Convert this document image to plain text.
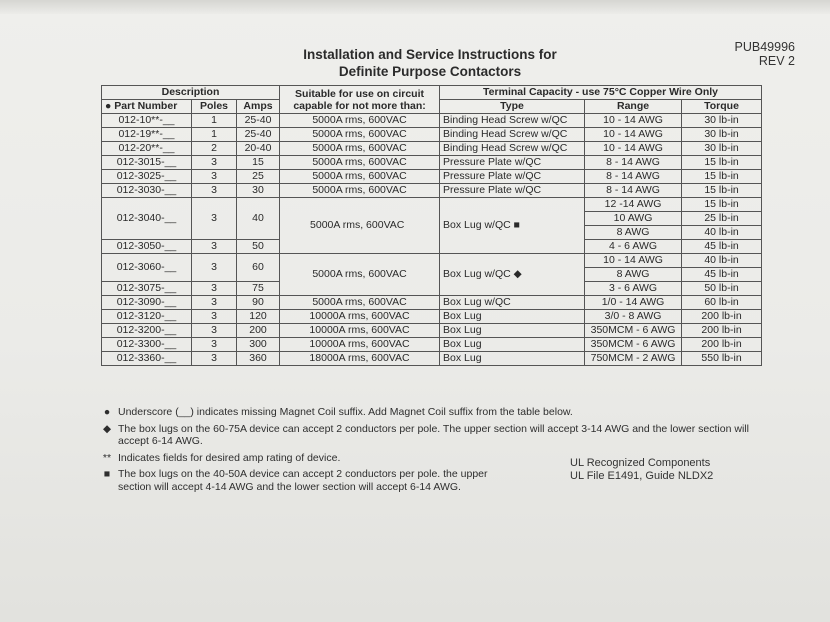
Installation and Service Instructions for
Definite Purpose Contactors
PUB49996
REV 2
Description			Suitable for use on circuit capable for not more than:	Terminal Capacity - use 75°C Copper Wire Only		
● Part Number	Poles	Amps		Type	Range	Torque
012-10**-__	1	25-40	5000A rms, 600VAC	Binding Head Screw w/QC	10 - 14 AWG	30 lb-in
012-19**-__	1	25-40	5000A rms, 600VAC	Binding Head Screw w/QC	10 - 14 AWG	30 lb-in
012-20**-__	2	20-40	5000A rms, 600VAC	Binding Head Screw w/QC	10 - 14 AWG	30 lb-in
012-3015-__	3	15	5000A rms, 600VAC	Pressure Plate w/QC	8 - 14 AWG	15 lb-in
012-3025-__	3	25	5000A rms, 600VAC	Pressure Plate w/QC	8 - 14 AWG	15 lb-in
012-3030-__	3	30	5000A rms, 600VAC	Pressure Plate w/QC	8 - 14 AWG	15 lb-in
012-3040-__	3	40	5000A rms, 600VAC	Box Lug w/QC ■	12 -14 AWG	15 lb-in
					10 AWG	25 lb-in
					8 AWG	40 lb-in
012-3050-__	3	50			4 - 6 AWG	45 lb-in
012-3060-__	3	60	5000A rms, 600VAC	Box Lug w/QC ◆	10 - 14 AWG	40 lb-in
					8 AWG	45 lb-in
012-3075-__	3	75			3 - 6 AWG	50 lb-in
012-3090-__	3	90	5000A rms, 600VAC	Box Lug w/QC	1/0 - 14 AWG	60 lb-in
012-3120-__	3	120	10000A rms, 600VAC	Box Lug	3/0 - 8 AWG	200 lb-in
012-3200-__	3	200	10000A rms, 600VAC	Box Lug	350MCM - 6 AWG	200 lb-in
012-3300-__	3	300	10000A rms, 600VAC	Box Lug	350MCM - 6 AWG	200 lb-in
012-3360-__	3	360	18000A rms, 600VAC	Box Lug	750MCM - 2 AWG	550 lb-in
● Underscore (__) indicates missing Magnet Coil suffix. Add Magnet Coil suffix from the table below.
◆ The box lugs on the 60-75A device can accept 2 conductors per pole. The upper section will accept 3-14 AWG and the lower section will accept 6-14 AWG.
** Indicates fields for desired amp rating of device.
■ The box lugs on the 40-50A device can accept 2 conductors per pole. the upper section will accept 4-14 AWG and the lower section will accept 6-14 AWG.
UL Recognized Components
UL File E1491, Guide NLDX2
